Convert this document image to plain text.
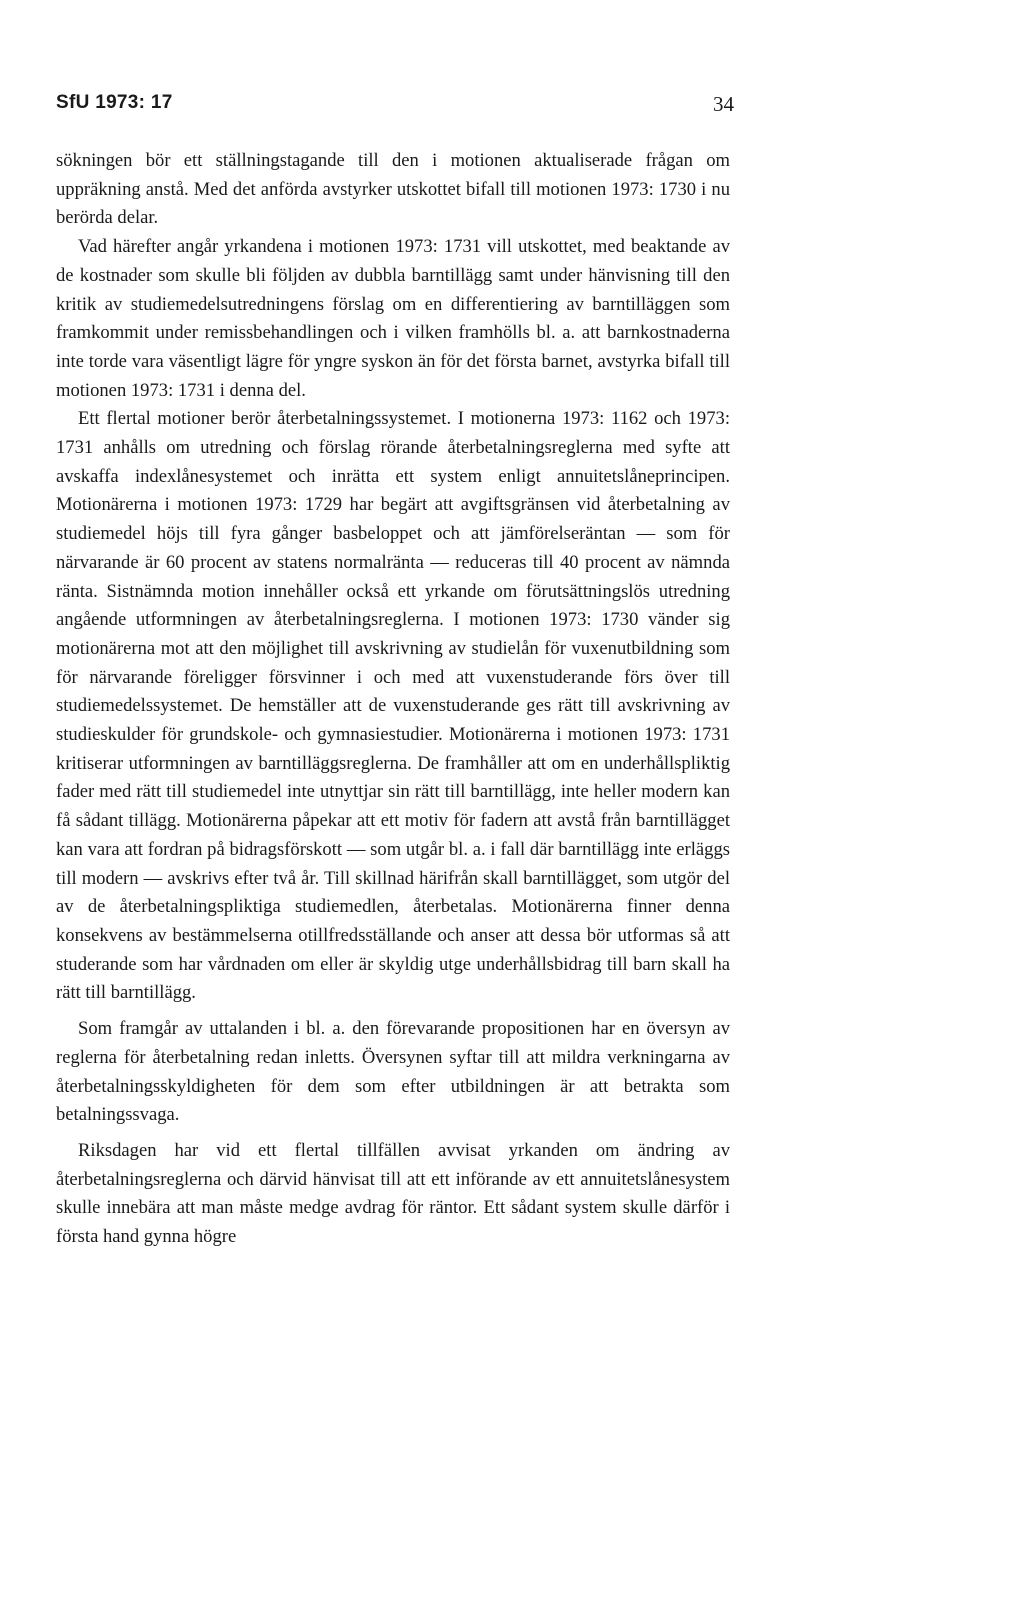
SfU 1973: 17	34

sökningen bör ett ställningstagande till den i motionen aktualiserade frågan om uppräkning anstå. Med det anförda avstyrker utskottet bifall till motionen 1973: 1730 i nu berörda delar.

Vad härefter angår yrkandena i motionen 1973: 1731 vill utskottet, med beaktande av de kostnader som skulle bli följden av dubbla barntillägg samt under hänvisning till den kritik av studiemedelsutredningens förslag om en differentiering av barntilläggen som framkommit under remissbehandlingen och i vilken framhölls bl. a. att barnkostnaderna inte torde vara väsentligt lägre för yngre syskon än för det första barnet, avstyrka bifall till motionen 1973: 1731 i denna del.

Ett flertal motioner berör återbetalningssystemet. I motionerna 1973: 1162 och 1973: 1731 anhålls om utredning och förslag rörande återbetalningsreglerna med syfte att avskaffa indexlånesystemet och inrätta ett system enligt annuitetslåneprincipen. Motionärerna i motionen 1973: 1729 har begärt att avgiftsgränsen vid återbetalning av studiemedel höjs till fyra gånger basbeloppet och att jämförelseräntan — som för närvarande är 60 procent av statens normalränta — reduceras till 40 procent av nämnda ränta. Sistnämnda motion innehåller också ett yrkande om förutsättningslös utredning angående utformningen av återbetalningsreglerna. I motionen 1973: 1730 vänder sig motionärerna mot att den möjlighet till avskrivning av studielån för vuxenutbildning som för närvarande föreligger försvinner i och med att vuxenstuderande förs över till studiemedelssystemet. De hemställer att de vuxenstuderande ges rätt till avskrivning av studieskulder för grundskole- och gymnasiestudier. Motionärerna i motionen 1973: 1731 kritiserar utformningen av barntilläggsreglerna. De framhåller att om en underhållspliktig fader med rätt till studiemedel inte utnyttjar sin rätt till barntillägg, inte heller modern kan få sådant tillägg. Motionärerna påpekar att ett motiv för fadern att avstå från barntillägget kan vara att fordran på bidragsförskott — som utgår bl. a. i fall där barntillägg inte erläggs till modern — avskrivs efter två år. Till skillnad härifrån skall barntillägget, som utgör del av de återbetalningspliktiga studiemedlen, återbetalas. Motionärerna finner denna konsekvens av bestämmelserna otillfredsställande och anser att dessa bör utformas så att studerande som har vårdnaden om eller är skyldig utge underhållsbidrag till barn skall ha rätt till barntillägg.

Som framgår av uttalanden i bl. a. den förevarande propositionen har en översyn av reglerna för återbetalning redan inletts. Översynen syftar till att mildra verkningarna av återbetalningsskyldigheten för dem som efter utbildningen är att betrakta som betalningssvaga.

Riksdagen har vid ett flertal tillfällen avvisat yrkanden om ändring av återbetalningsreglerna och därvid hänvisat till att ett införande av ett annuitetslånesystem skulle innebära att man måste medge avdrag för räntor. Ett sådant system skulle därför i första hand gynna högre
